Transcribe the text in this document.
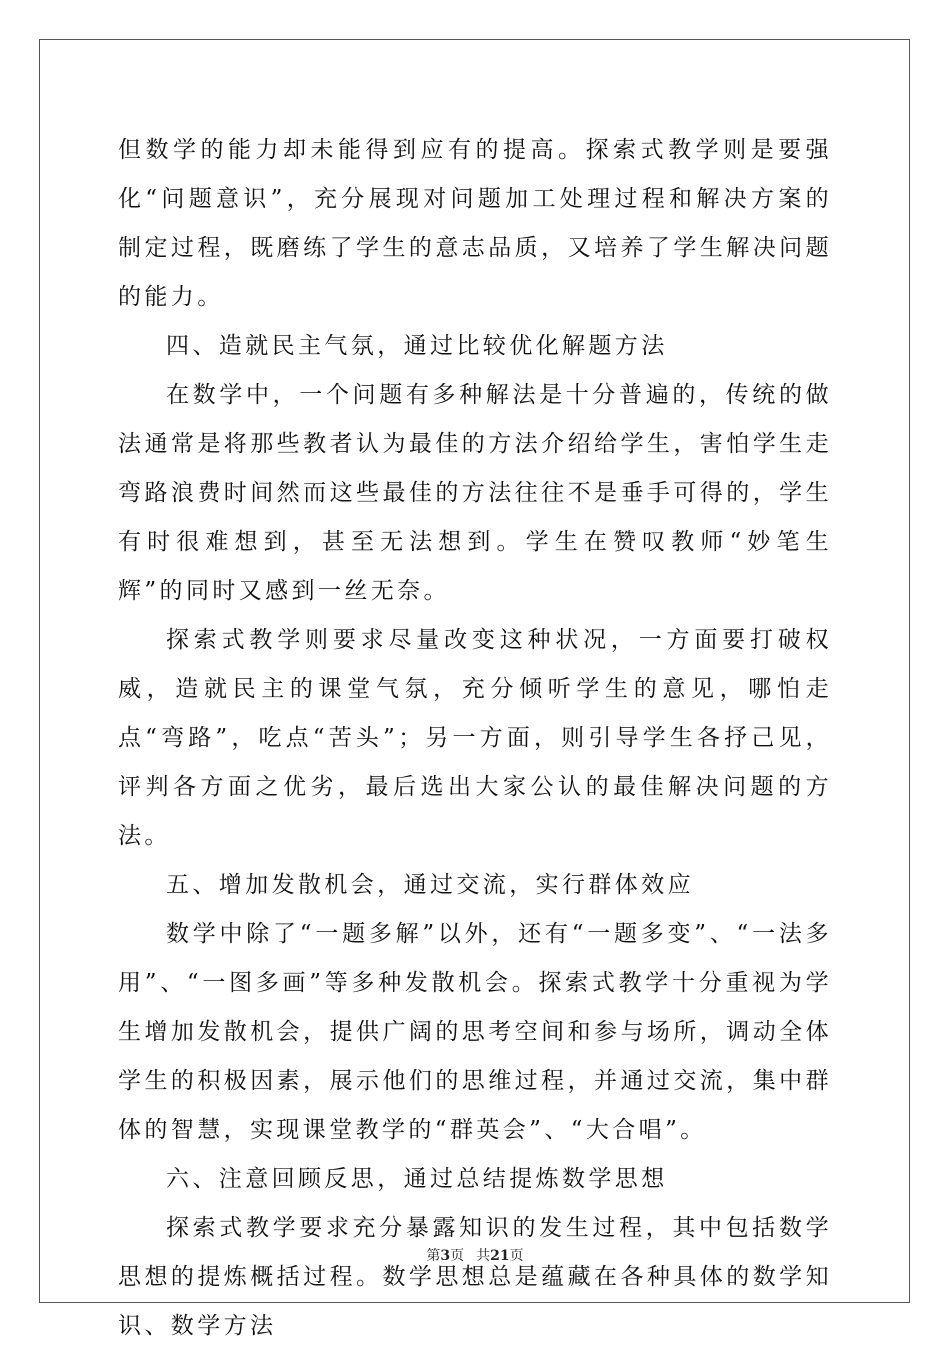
但数学的能力却未能得到应有的提高。探索式教学则是要强化“问题意识”，充分展现对问题加工处理过程和解决方案的制定过程，既磨练了学生的意志品质，又培养了学生解决问题的能力。

四、造就民主气氛，通过比较优化解题方法

在数学中，一个问题有多种解法是十分普遍的，传统的做法通常是将那些教者认为最佳的方法介绍给学生，害怕学生走弯路浪费时间然而这些最佳的方法往往不是垂手可得的，学生有时很难想到，甚至无法想到。学生在赞叹教师“妙笔生辉”的同时又感到一丝无奈。

探索式教学则要求尽量改变这种状况，一方面要打破权威，造就民主的课堂气氛，充分倾听学生的意见，哪怕走点“弯路”，吃点“苦头”；另一方面，则引导学生各抒己见，评判各方面之优劣，最后选出大家公认的最佳解决问题的方法。

五、增加发散机会，通过交流，实行群体效应

数学中除了“一题多解”以外，还有“一题多变”、“一法多用”、“一图多画”等多种发散机会。探索式教学十分重视为学生增加发散机会，提供广阔的思考空间和参与场所，调动全体学生的积极因素，展示他们的思维过程，并通过交流，集中群体的智慧，实现课堂教学的“群英会”、“大合唱”。

六、注意回顾反思，通过总结提炼数学思想

探索式教学要求充分暴露知识的发生过程，其中包括数学思想的提炼概括过程。数学思想总是蕴藏在各种具体的数学知识、数学方法

第3页 共21页
